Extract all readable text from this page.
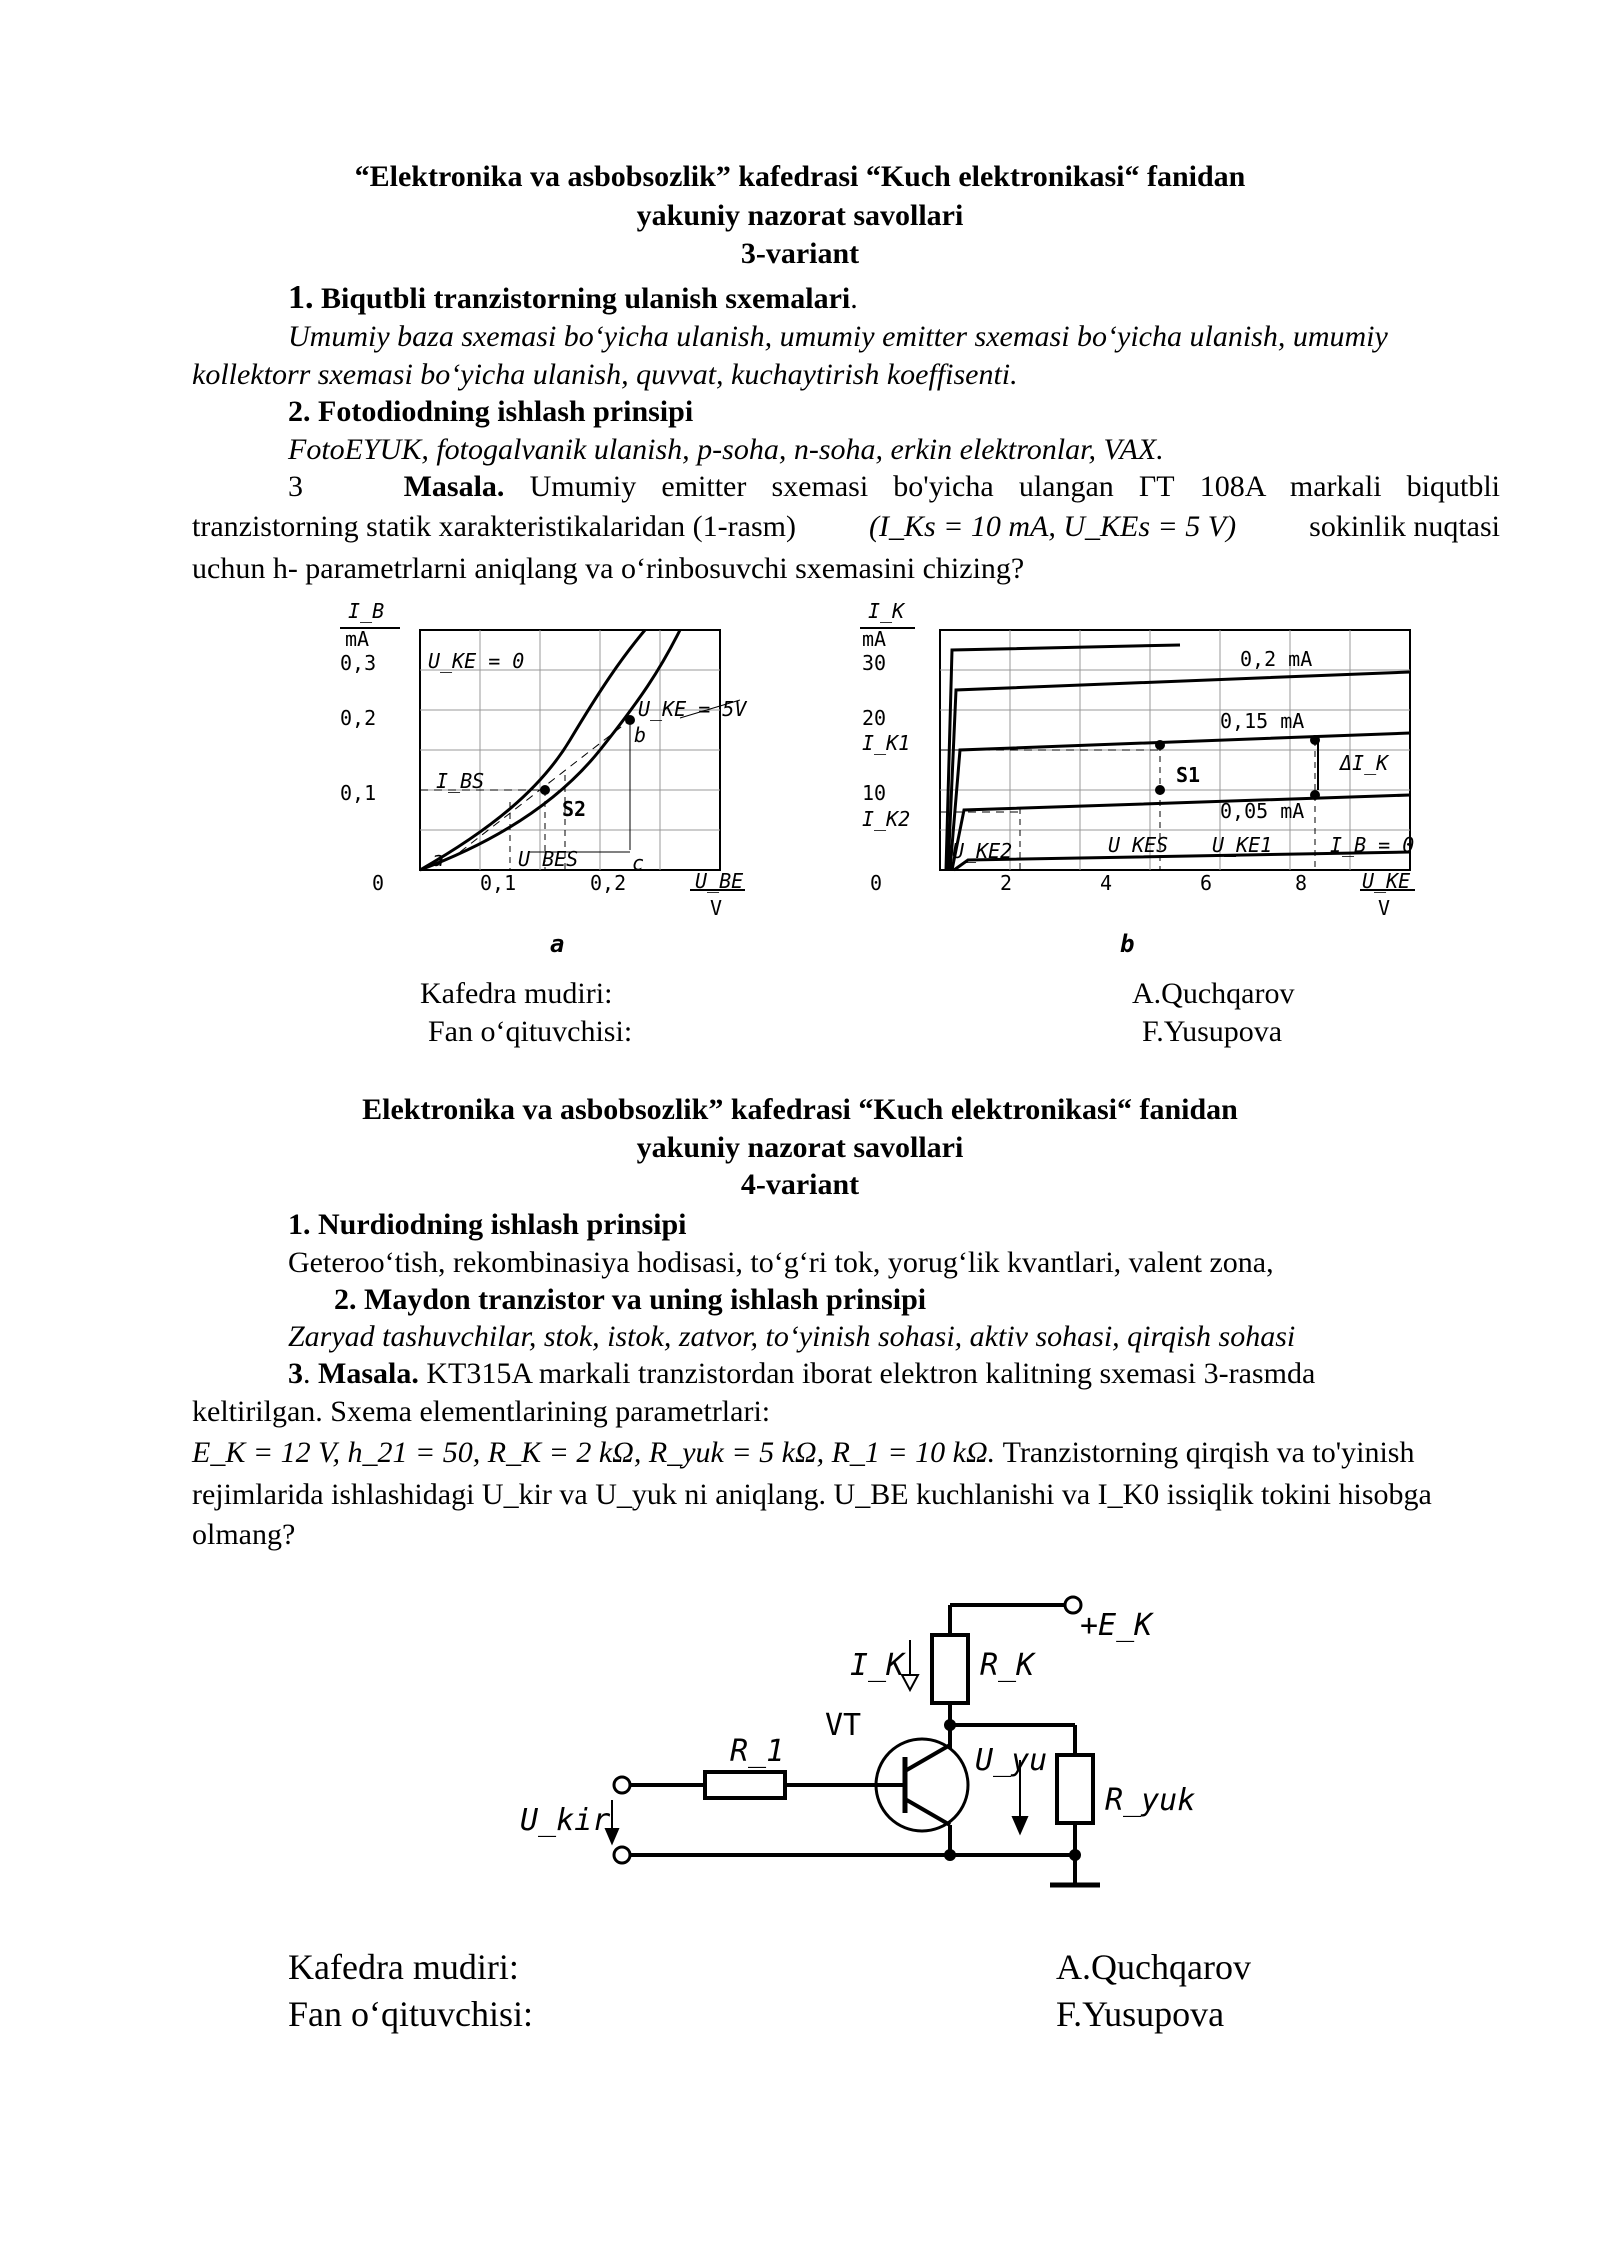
“Elektronika va asbobsozlik” kafedrasi “Kuch elektronikasi“ fanidan
yakuniy nazorat savollari
3-variant
1. Biqutbli tranzistorning ulanish sxemalari.
Umumiy baza sxemasi bo‘yicha ulanish, umumiy emitter sxemasi bo‘yicha ulanish, umumiy
kollektorr sxemasi bo‘yicha ulanish, quvvat, kuchaytirish koeffisenti.
2. Fotodiodning ishlash prinsipi
FotoEYUK, fotogalvanik ulanish, p-soha, n-soha, erkin elektronlar, VAX.
3	Masala. Umumiy emitter sxemasi bo'yicha ulangan ГТ 108A markali biqutbli
tranzistorning statik xarakteristikalaridan (1-rasm) (I_Ks = 10 mA, U_KEs = 5 V) sokinlik nuqtasi
uchun h- parametrlarni aniqlang va o‘rinbosuvchi sxemasini chizing?
I_B
mA
0,3
0,2
0,1
0	0,1	0,2	U_BE
V
U_KE = 0
U_KE = 5V
a
b
c
S2
I_BS
U_BES
a
I_K
mA
30
20
I_K1
10
I_K2
0	2	4	6	8	U_KE
V
0,2 mA
0,15 mA
0,05 mA
I_B = 0
S1	ΔI_K
U_KE2	U_KES U_KE1
b
Kafedra mudiri:	A.Quchqarov
Fan o‘qituvchisi:	F.Yusupova
Elektronika va asbobsozlik” kafedrasi “Kuch elektronikasi“ fanidan
yakuniy nazorat savollari
4-variant
1. Nurdiodning ishlash prinsipi
Geteroo‘tish, rekombinasiya hodisasi, to‘g‘ri tok, yorug‘lik kvantlari, valent zona,
2. Maydon tranzistor va uning ishlash prinsipi
Zaryad tashuvchilar, stok, istok, zatvor, to‘yinish sohasi, aktiv sohasi, qirqish sohasi
3. Masala. KT315A markali tranzistordan iborat elektron kalitning sxemasi 3-rasmda
keltirilgan. Sxema elementlarining parametrlari:
E_K = 12 V, h_21 = 50, R_K = 2 kΩ, R_yuk = 5 kΩ, R_1 = 10 kΩ. Tranzistorning qirqish va to'yinish
rejimlarida ishlashidagi U_kir va U_yuk ni aniqlang. U_BE kuchlanishi va I_K0 issiqlik tokini hisobga
olmang?
+E_K
I_K	R_K
VT
R_1	U_yu
R_yuk
U_kir
Kafedra mudiri:	A.Quchqarov
Fan o‘qituvchisi:	F.Yusupova
